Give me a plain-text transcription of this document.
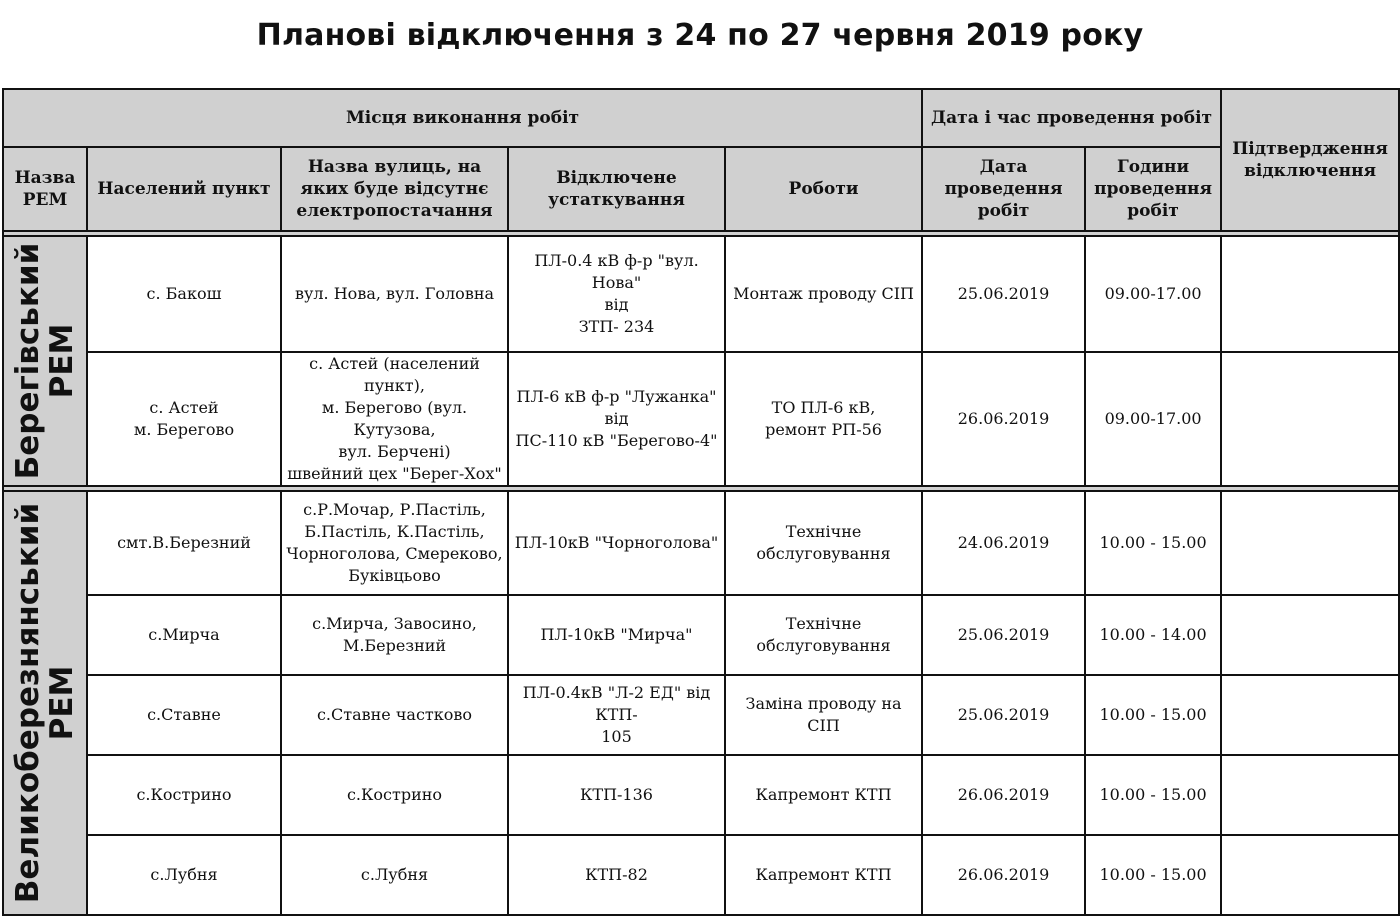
Планові відключення з 24 по 27 червня 2019 року
Місця виконання робіт					Дата і час проведення робіт		Підтвердження відключення
Назва РЕМ	Населений пункт	Назва вулиць, на яких буде відсутнє електропостачання	Відключене устаткування	Роботи	Дата проведення робіт	Години проведення робіт	

Берегівський
РЕМ	с. Бакош	вул. Нова, вул. Головна	ПЛ-0.4 кВ ф-р "вул. Нова"
від
ЗТП- 234	Монтаж проводу СІП	25.06.2019	09.00-17.00	
	с. Астей
м. Берегово	с. Астей (населений пункт),
м. Берегово (вул. Кутузова,
вул. Берчені)
швейний цех "Берег-Хох"	ПЛ-6 кВ ф-р "Лужанка" від
ПС-110 кВ "Берегово-4"	ТО ПЛ-6 кВ,
ремонт РП-56	26.06.2019	09.00-17.00	

Великоберезнянський РЕМ	смт.В.Березний	с.Р.Мочар, Р.Пастіль,
Б.Пастіль, К.Пастіль,
Чорноголова, Смереково,
Буківцьово	ПЛ-10кВ "Чорноголова"	Технічне
обслуговування	24.06.2019	10.00 - 15.00	
	с.Мирча	с.Мирча, Завосино,
М.Березний	ПЛ-10кВ "Мирча"	Технічне
обслуговування	25.06.2019	10.00 - 14.00	
	с.Ставне	с.Ставне частково	ПЛ-0.4кВ "Л-2 ЕД" від КТП-
105	Заміна проводу на СІП	25.06.2019	10.00 - 15.00	
	с.Кострино	с.Кострино	КТП-136	Капремонт КТП	26.06.2019	10.00 - 15.00	
	с.Лубня	с.Лубня	КТП-82	Капремонт КТП	26.06.2019	10.00 - 15.00	
